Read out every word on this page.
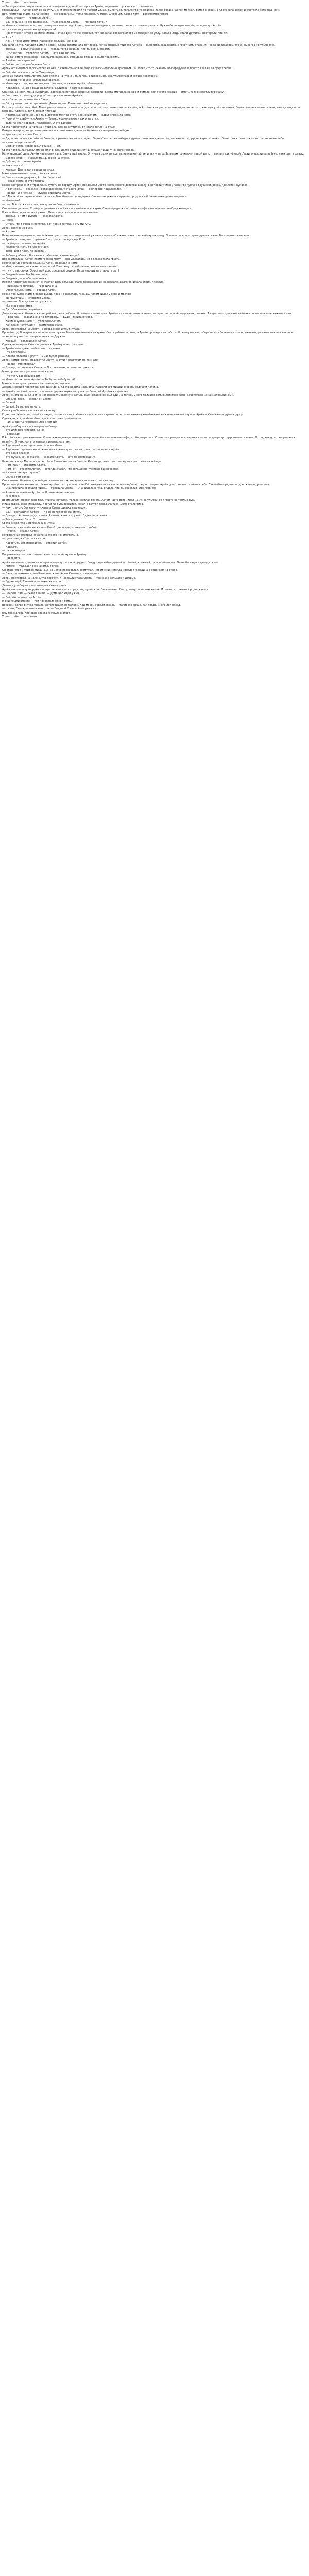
Только тебе, только вечно.

— Ты нормально почувствовала, как я вернулся домой? — спросил Артём, медленно спускаясь по ступенькам.

Проводишь! — Артём взял её за руку, и они вместе пошли по тёмной улице. Было тихо, только где-то вдалеке лаяла собака. Артём молчал, думая о своём, а Света шла рядом и смотрела себе под ноги.

Вот, посмотри. Мама, папа, сестра — все собрались, чтобы поздравить меня. Шутка ли? Сорок лет! — рассмеялся Артём.

— Мама, спешит — говорила Артём.

— Да, но ты же не всё рассказал, — тихо сказала Света. — Что было потом?

— Мама, стоя на пороге, долго смотрела мне вслед. Я знал, что она волнуется, но ничего не мог с этим поделать. Нужно было идти вперёд, — вздохнул Артём.

— Ну и что ты увидел, когда вернулся?

— Практически ничего не изменилось. Тот же дом, те же деревья, тот же запах свежего хлеба из пекарни на углу. Только люди стали другими. Постарели, что ли.

— А ты?

— А я… я тоже изменился. Наверное, больше, чем они.

Они шли молча. Каждый думал о своём. Света вспоминала тот вечер, когда впервые увидела Артёма — высокого, серьёзного, с грустными глазами. Тогда ей казалось, что он никогда не улыбается.

— Знаешь, — вдруг сказала она, — я ведь тогда решила, что ты очень строгий.

— Я? Строгий? — удивился Артём. — Это ещё почему?

— Ты так смотрел на всех… как будто оценивал. Мне даже страшно было подходить.

— А сейчас не страшно?

— Сейчас нет, — улыбнулась Света.

Артём остановился и посмотрел на неё. В свете фонаря её лицо казалось особенно красивым. Он хотел что-то сказать, но передумал и просто взял её за руку крепче.

— Пойдём, — сказал он. — Уже поздно.

Дома их ждала мама Артёма. Она сидела на кухне и пила чай. Увидев сына, она улыбнулась и встала навстречу.

— Наконец-то! Я уже начала волноваться.

— Мама, ну что ты, мы же недалеко ходили, — сказал Артём, обнимая её.

— Недалеко… Знаю я ваше недалеко. Садитесь, я вам чаю налью.

Они сели за стол. Мама суетилась, доставала печенье, варенье, конфеты. Света смотрела на неё и думала, как же это хорошо — иметь такую заботливую маму.

— Светочка, а ты откуда родом? — спросила мама Артёма.

— Из Саратова, — ответила Света.

— Ой, а у меня там сестра живёт! Двоюродная. Давно мы с ней не виделись…

Разговор потёк сам собой. Мама рассказывала о своей молодости, о том, как познакомилась с отцом Артёма, как растила сына одна после того, как муж ушёл из семьи. Света слушала внимательно, иногда задавала вопросы. Артём сидел молча и пил чай.

— А помнишь, Артёмка, как ты в детстве мечтал стать космонавтом? — вдруг спросила мама.

— Помню, — улыбнулся Артём. — Только космонавтом я так и не стал.

— Зато ты стал хорошим человеком. А это важнее.

Света посмотрела на Артёма и увидела, как он смутился. Ей стало тепло на душе.

Поздно вечером, когда мама уже легла спать, они сидели на балконе и смотрели на звёзды.

— Красиво, — сказала Света.

— Да, — согласился Артём. — Знаешь, я раньше часто так сидел. Один. Смотрел на звёзды и думал о том, что где-то там, далеко, есть другие миры. И, может быть, там кто-то тоже смотрит на наше небо.

— И что ты чувствовал?

— Одиночество, наверное. А сейчас — нет.

Света положила голову ему на плечо. Они долго сидели молча, слушая тишину ночного города.

На следующий день Артём проснулся рано. Света ещё спала. Он тихо вышел на кухню, поставил чайник и сел у окна. За окном начинался новый день — солнечный, тёплый. Люди спешили на работу, дети шли в школу.

— Доброе утро, — сказала мама, входя на кухню.

— Доброе, — ответил Артём.

— Как спалось?

— Хорошо. Давно так хорошо не спал.

Мама внимательно посмотрела на сына.

— Она хорошая девушка, Артём. Береги её.

— Я знаю, мама. Я буду беречь.

После завтрака они отправились гулять по городу. Артём показывал Свете места своего детства: школу, в которой учился, парк, где гулял с друзьями, речку, где летом купался.

— А вот здесь, — сказал он, останавливаясь у старого дуба, — я впервые поцеловался.

— Правда? И с кем же? — лукаво спросила Света.

— С Машкой из параллельного класса. Мне было четырнадцать. Она потом уехала в другой город, и мы больше никогда не виделись.

— Жалеешь?

— Нет. Всё сложилось так, как должно было сложиться.

Они пошли дальше. Солнце поднималось всё выше, становилось жарко. Света предложила зайти в кафе и выпить чего-нибудь холодного.

В кафе было прохладно и уютно. Они сели у окна и заказали лимонад.

— Знаешь, о чём я думаю? — сказала Света.

— О чём?

— О том, что я очень счастлива. Вот прямо сейчас, в эту минуту.

Артём взял её за руку.

— Я тоже.

Вечером они вернулись домой. Мама приготовила праздничный ужин — пирог с яблоками, салат, запечённую курицу. Пришли соседи, старые друзья семьи. Было шумно и весело.

— Артём, а ты надолго приехал? — спросил сосед дядя Коля.

— На неделю, — ответил Артём.

— Маловато. Мать-то как скучает.

— Знаю, дядя Коля. Но работа…

— Работа, работа… Всю жизнь работаем, а жить когда?

Все засмеялись. Артём посмотрел на маму — она улыбалась, но в глазах была грусть.

Позже, когда гости разошлись, Артём подошёл к маме.

— Мам, а может, ты к нам переедешь? У нас квартира большая, места всем хватит.

— Ну что ты, сынок. Здесь мой дом, здесь всё родное. Куда я поеду на старости лет?

— Подумай, мам. Мы будем рады.

— Подумаю, — пообещала мама.

Неделя пролетела незаметно. Настал день отъезда. Мама провожала их на вокзале, долго обнимала обоих, плакала.

— Приезжайте почаще, — говорила она.

— Обязательно, мама, — обещал Артём.

Поезд тронулся. Мама махала рукой, пока не скрылась из виду. Артём сидел у окна и молчал.

— Ты грустишь? — спросила Света.

— Немного. Всегда тяжело уезжать.

— Мы скоро вернёмся.

— Да. Обязательно вернёмся.

Дома их ждала обычная жизнь: работа, дела, заботы. Но что-то изменилось. Артём стал чаще звонить маме, интересоваться её здоровьем, делами. А через полгода мама всё-таки согласилась переехать к ним.

— Я решила, — сказала она по телефону. — Буду нянчить внуков.

— Каких внуков, мама? — удивился Артём.

— Как каких? Будущих! — засмеялась мама.

Артём посмотрел на Свету. Та покраснела и улыбнулась.

Прошёл год. В квартире стало тесно и шумно. Мама хозяйничала на кухне, Света работала дома, а Артём пропадал на работе. Но вечером все собирались за большим столом, ужинали, разговаривали, смеялись.

— Хорошо у нас, — говорила мама. — Дружно.

— Хорошо, — соглашался Артём.

Однажды вечером Света подошла к Артёму и тихо сказала:

— Артём, мне нужно тебе кое-что сказать.

— Что случилось?

— Ничего плохого. Просто… у нас будет ребёнок.

Артём замер. Потом подхватил Свету на руки и закружил по комнате.

— Правда? Это правда?

— Правда, — смеялась Света. — Поставь меня, голова закружится!

Мама, услышав шум, вышла из кухни.

— Что тут у вас происходит?

— Мама! — закричал Артём. — Ты будешь бабушкой!

Мама всплеснула руками и заплакала от счастья.

Девять месяцев пролетели как один день. Света родила мальчика. Назвали его Мишей, в честь дедушки Артёма.

— Какой красивый, — шептала мама, держа внука на руках. — Вылитый Артёмка в детстве.

Артём смотрел на сына и не мог поверить своему счастью. Ещё недавно он был один, а теперь у него большая семья: любимая жена, заботливая мама, маленький сын.

— Спасибо тебе, — сказал он Свете.

— За что?

— За всё. За то, что ты есть.

Света улыбнулась и прижалась к нему.

Годы шли. Миша рос, пошёл в садик, потом в школу. Мама стала совсем старенькой, но по-прежнему хозяйничала на кухне и пекла пироги. Артём и Света жили душа в душу.

Однажды, когда Мише было десять лет, он спросил отца:

— Пап, а как ты познакомился с мамой?

Артём улыбнулся и посмотрел на Свету.

— Это длинная история, сынок.

— Расскажи!

И Артём начал рассказывать. О том, как однажды зимним вечером зашёл в маленькое кафе, чтобы согреться. О том, как увидел за соседним столиком девушку с грустными глазами. О том, как долго не решался подойти. О том, как она первая заговорила с ним.

— А дальше? — нетерпеливо спросил Миша.

— А дальше… дальше мы поженились и жили долго и счастливо, — засмеялся Артём.

— Это как в сказке!

— Это лучше, чем в сказке, — сказала Света. — Это по-настоящему.

Вечером, когда Миша уснул, Артём и Света вышли на балкон. Как тогда, много лет назад, они смотрели на звёзды.

— Помнишь? — спросила Света.

— Помню, — ответил Артём. — Я тогда сказал, что больше не чувствую одиночества.

— И сейчас не чувствуешь?

— Сейчас тем более.

Они стояли обнявшись, и звёзды светили им так же ярко, как и много лет назад.

Прошло ещё несколько лет. Мама Артёма тихо ушла во сне. Её похоронили на местном кладбище, рядом с отцом. Артём долго не мог прийти в себя. Света была рядом, поддерживала, утешала.

— Она прожила хорошую жизнь, — говорила Света. — Она видела внука, видела, что ты счастлив. Это главное.

— Я знаю, — отвечал Артём. — Но мне её не хватает.

— Мне тоже.

Время лечит. Постепенно боль утихла, осталась только светлая грусть. Артём часто вспоминал маму, её улыбку, её пироги, её тёплые руки.

Миша вырос, окончил школу, поступил в университет. Уехал в другой город учиться. Дома стало тихо.

— Как-то пусто без него, — сказала Света однажды вечером.

— Да, — согласился Артём. — Но он приедет на каникулы.

— Приедет. А потом уедет снова. А потом женится, у него будет своя семья…

— Так и должно быть. Это жизнь.

Света вздохнула и прижалась к мужу.

— Знаешь, я ни о чём не жалею. Ни об одном дне, прожитом с тобой.

— Я тоже, — сказал Артём.

Пограничник смотрел на Артёма строго и внимательно.

— Цель поездки? — спросил он.

— Навестить родственников, — ответил Артём.

— Надолго?

— На две недели.

Пограничник поставил штамп в паспорт и вернул его Артёму.

— Проходите.

Артём вышел из здания аэропорта и вдохнул полной грудью. Воздух здесь был другой — тёплый, влажный, пахнущий морем. Он не был здесь двадцать лет.

— Артём! — услышал он знакомый голос.

Он обернулся и увидел Мишу. Сын заметно повзрослел, возмужал. Рядом с ним стояла молодая женщина с ребёнком на руках.

— Папа, познакомься, это Катя, моя жена. А это Светочка, твоя внучка.

Артём посмотрел на маленькую девочку. У неё были глаза Светы — такие же большие и добрые.

— Здравствуй, Светочка, — тихо сказал он.

Девочка улыбнулась и протянула к нему ручки.

Артём взял внучку на руки и почувствовал, как к горлу подступил ком. Он вспомнил Свету, маму, всю свою жизнь. И понял, что жизнь продолжается.

— Пойдём, пап, — сказал Миша. — Дома нас ждёт ужин.

— Пойдём, — ответил Артём.

И они пошли вместе — три поколения одной семьи.

Вечером, когда внучка уснула, Артём вышел на балкон. Над морем горели звёзды — такие же яркие, как тогда, много лет назад.

— Ну вот, Света, — тихо сказал он. — Видишь? У нас всё получилось.

Ему показалось, что одна звезда мигнула в ответ.

Только тебе, только вечно.
